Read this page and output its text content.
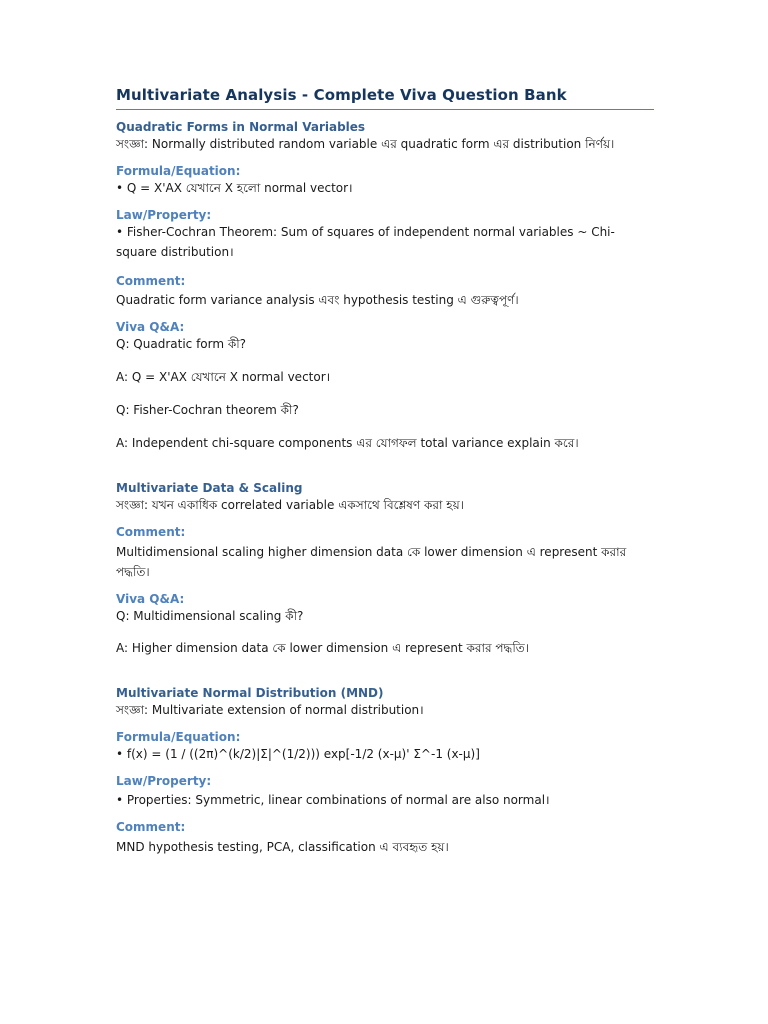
Multivariate Analysis - Complete Viva Question Bank

Quadratic Forms in Normal Variables

সংজ্ঞা: Normally distributed random variable এর quadratic form এর distribution নির্ণয়।

Formula/Equation:

• Q = X'AX যেখানে X হলো normal vector।

Law/Property:

• Fisher-Cochran Theorem: Sum of squares of independent normal variables ~ Chi-square distribution।

Comment:

Quadratic form variance analysis এবং hypothesis testing এ গুরুত্বপূর্ণ।

Viva Q&A:

Q: Quadratic form কী?

A: Q = X'AX যেখানে X normal vector।

Q: Fisher-Cochran theorem কী?

A: Independent chi-square components এর যোগফল total variance explain করে।

Multivariate Data & Scaling

সংজ্ঞা: যখন একাধিক correlated variable একসাথে বিশ্লেষণ করা হয়।

Comment:

Multidimensional scaling higher dimension data কে lower dimension এ represent করার পদ্ধতি।

Viva Q&A:

Q: Multidimensional scaling কী?

A: Higher dimension data কে lower dimension এ represent করার পদ্ধতি।

Multivariate Normal Distribution (MND)

সংজ্ঞা: Multivariate extension of normal distribution।

Formula/Equation:

• f(x) = (1 / ((2π)^(k/2)|Σ|^(1/2))) exp[-1/2 (x-μ)' Σ^-1 (x-μ)]

Law/Property:

• Properties: Symmetric, linear combinations of normal are also normal।

Comment:

MND hypothesis testing, PCA, classification এ ব্যবহৃত হয়।
